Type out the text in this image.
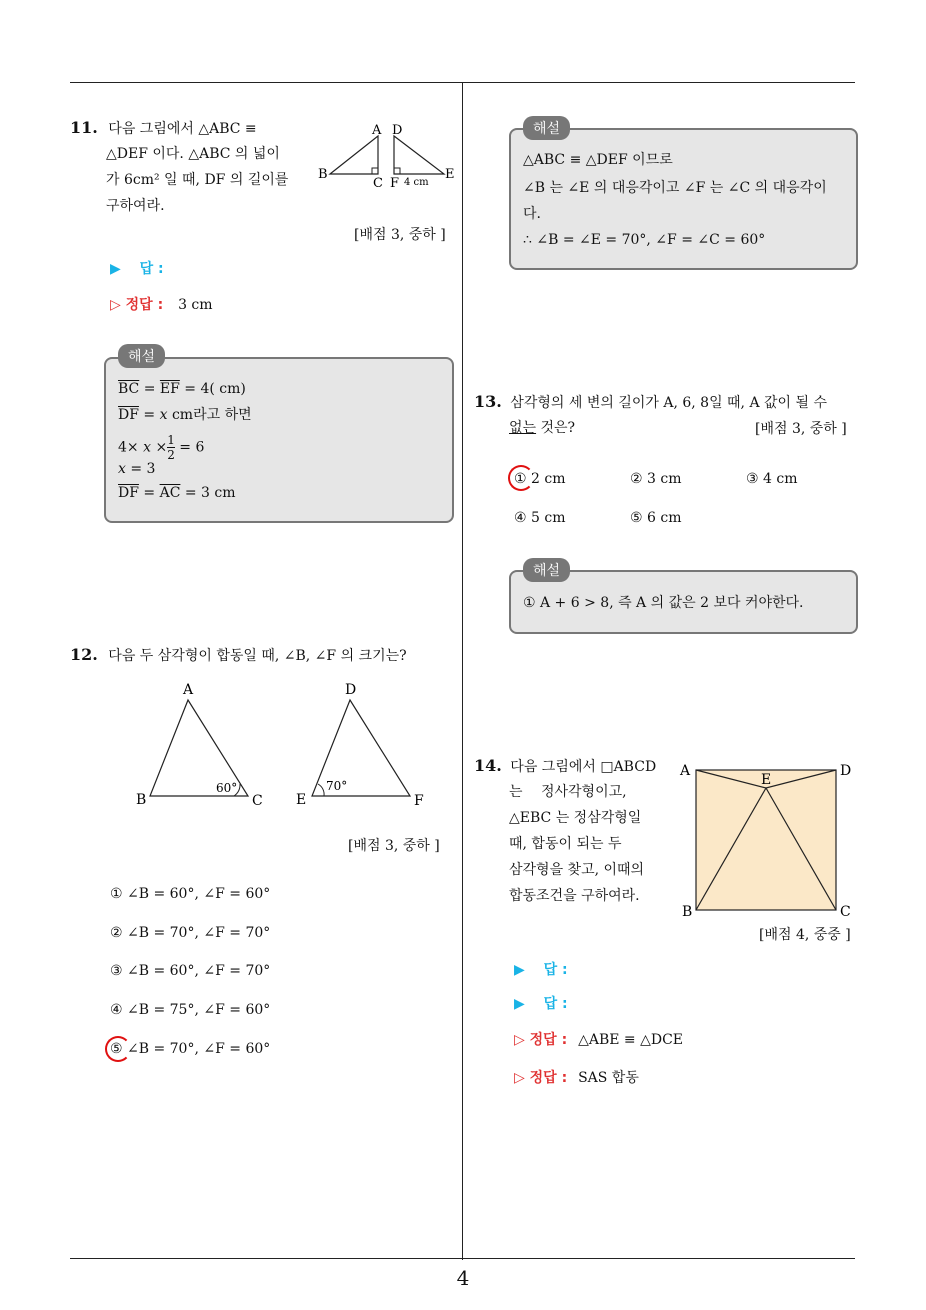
11. 다음 그림에서 △ABC ≡
△DEF 이다. △ABC 의 넓이
가 6cm² 일 때, DF 의 길이를
구하여라.
A D
B
C F
E
4 cm
[배점 3, 중하 ]
▶ 답 :
▷ 정답 : 3 cm
$\overline{BC} = \overline{EF} = 4$( cm)
$\overline{DF} = x$ cm라고 하면
$4\times x \times \frac{1}{2} = 6$
x = 3
$\overline{DF} = \overline{AC} = 3$ cm
해설
12. 다음 두 삼각형이 합동일 때, ∠B, ∠F 의 크기는?
A
B	C
60°
D
E	F
70°
[배점 3, 중하 ]
① ∠B = 60°, ∠F = 60°
② ∠B = 70°, ∠F = 70°
③ ∠B = 60°, ∠F = 70°
④ ∠B = 75°, ∠F = 60°
⑤ ∠B = 70°, ∠F = 60°
△ABC ≡ △DEF 이므로
∠B 는 ∠E 의 대응각이고 ∠F 는 ∠C 의 대응각이
다.
∴ ∠B = ∠E = 70°, ∠F = ∠C = 60°
해설
13. 삼각형의 세 변의 길이가 A, 6, 8일 때, A 값이 될 수
없는 것은?	[배점 3, 중하 ]
① 2 cm	② 3 cm	③ 4 cm
④ 5 cm	⑤ 6 cm
① A + 6 > 8, 즉 A 의 값은 2 보다 커야한다.
해설
14. 다음 그림에서 □ABCD
는 정사각형이고,
△EBC 는 정삼각형일
때, 합동이 되는 두
삼각형을 찾고, 이때의
합동조건을 구하여라.
A	D
E
B	C
[배점 4, 중중 ]
▶ 답 :
▶ 답 :
▷ 정답 : △ABE ≡ △DCE
▷ 정답 : SAS 합동
4
